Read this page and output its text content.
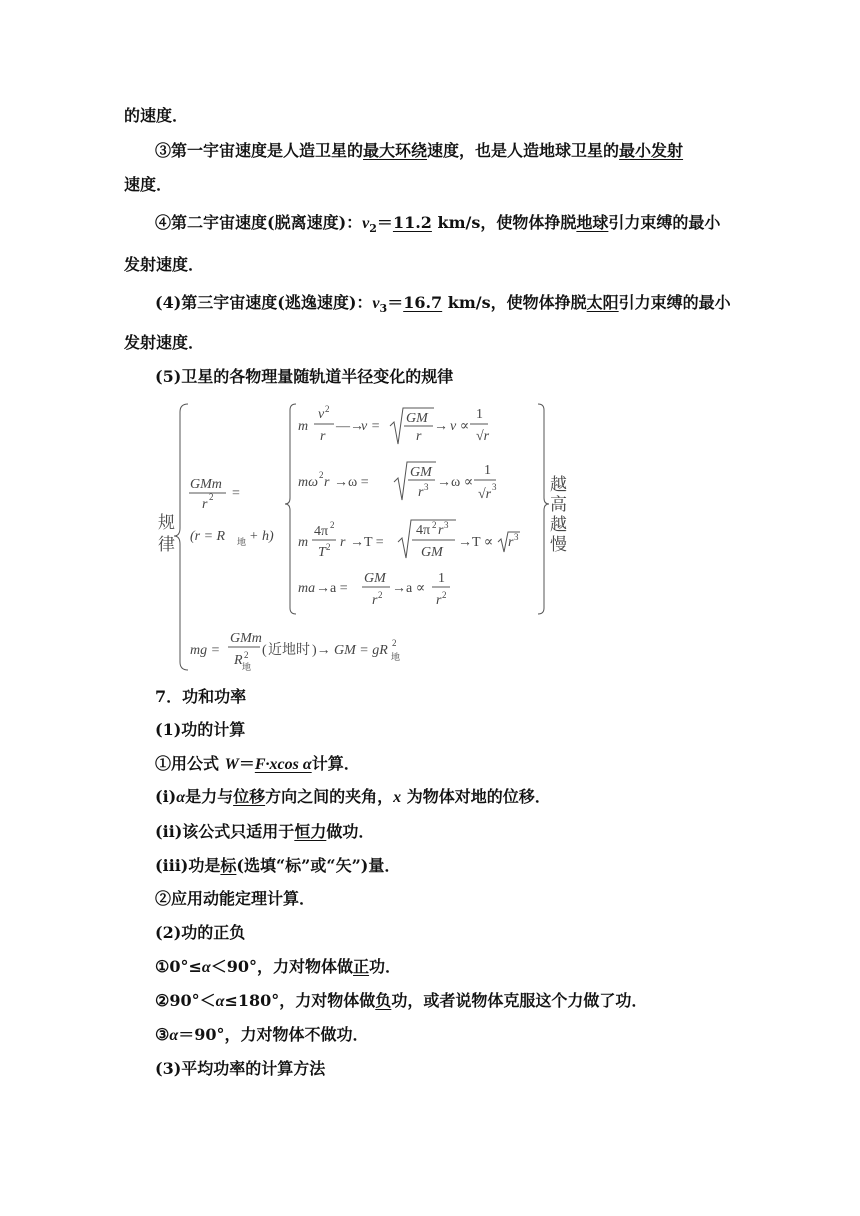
的速度．
③第一宇宙速度是人造卫星的最大环绕速度，也是人造地球卫星的最小发射
速度．
④第二宇宙速度(脱离速度)：$v_2=11.2$ km/s，使物体挣脱地球引力束缚的最小
发射速度．
(4)第三宇宙速度(逃逸速度)：$v_3=16.7$ km/s，使物体挣脱太阳引力束缚的最小
发射速度．
(5)卫星的各物理量随轨道半径变化的规律
规
律
GMm
r 2 =
(r = R 地 + h)
m
v 2
r
—→
v =
GM
r
→ v ∝
1
√r
mω 2 r →ω =
GM
r 3 →ω ∝
1
√r 3	越
高
越
慢
m
4π 2
T 2 r →T =
4π 2 r 3
GM
→T ∝ r 3
ma →a =
GM
r 2 →a ∝
1
r 2
mg =
GMm
R 2
地
( 近地时 )→ GM = gR 2
地
7．功和功率
(1)功的计算
①用公式 W＝F·xcos α计算．
(ⅰ)α是力与位移方向之间的夹角，x 为物体对地的位移．
(ⅱ)该公式只适用于恒力做功．
(ⅲ)功是标(选填“标”或“矢”)量．
②应用动能定理计算．
(2)功的正负
①0°≤α＜90°，力对物体做正功．
②90°＜α≤180°，力对物体做负功，或者说物体克服这个力做了功．
③α＝90°，力对物体不做功．
(3)平均功率的计算方法
